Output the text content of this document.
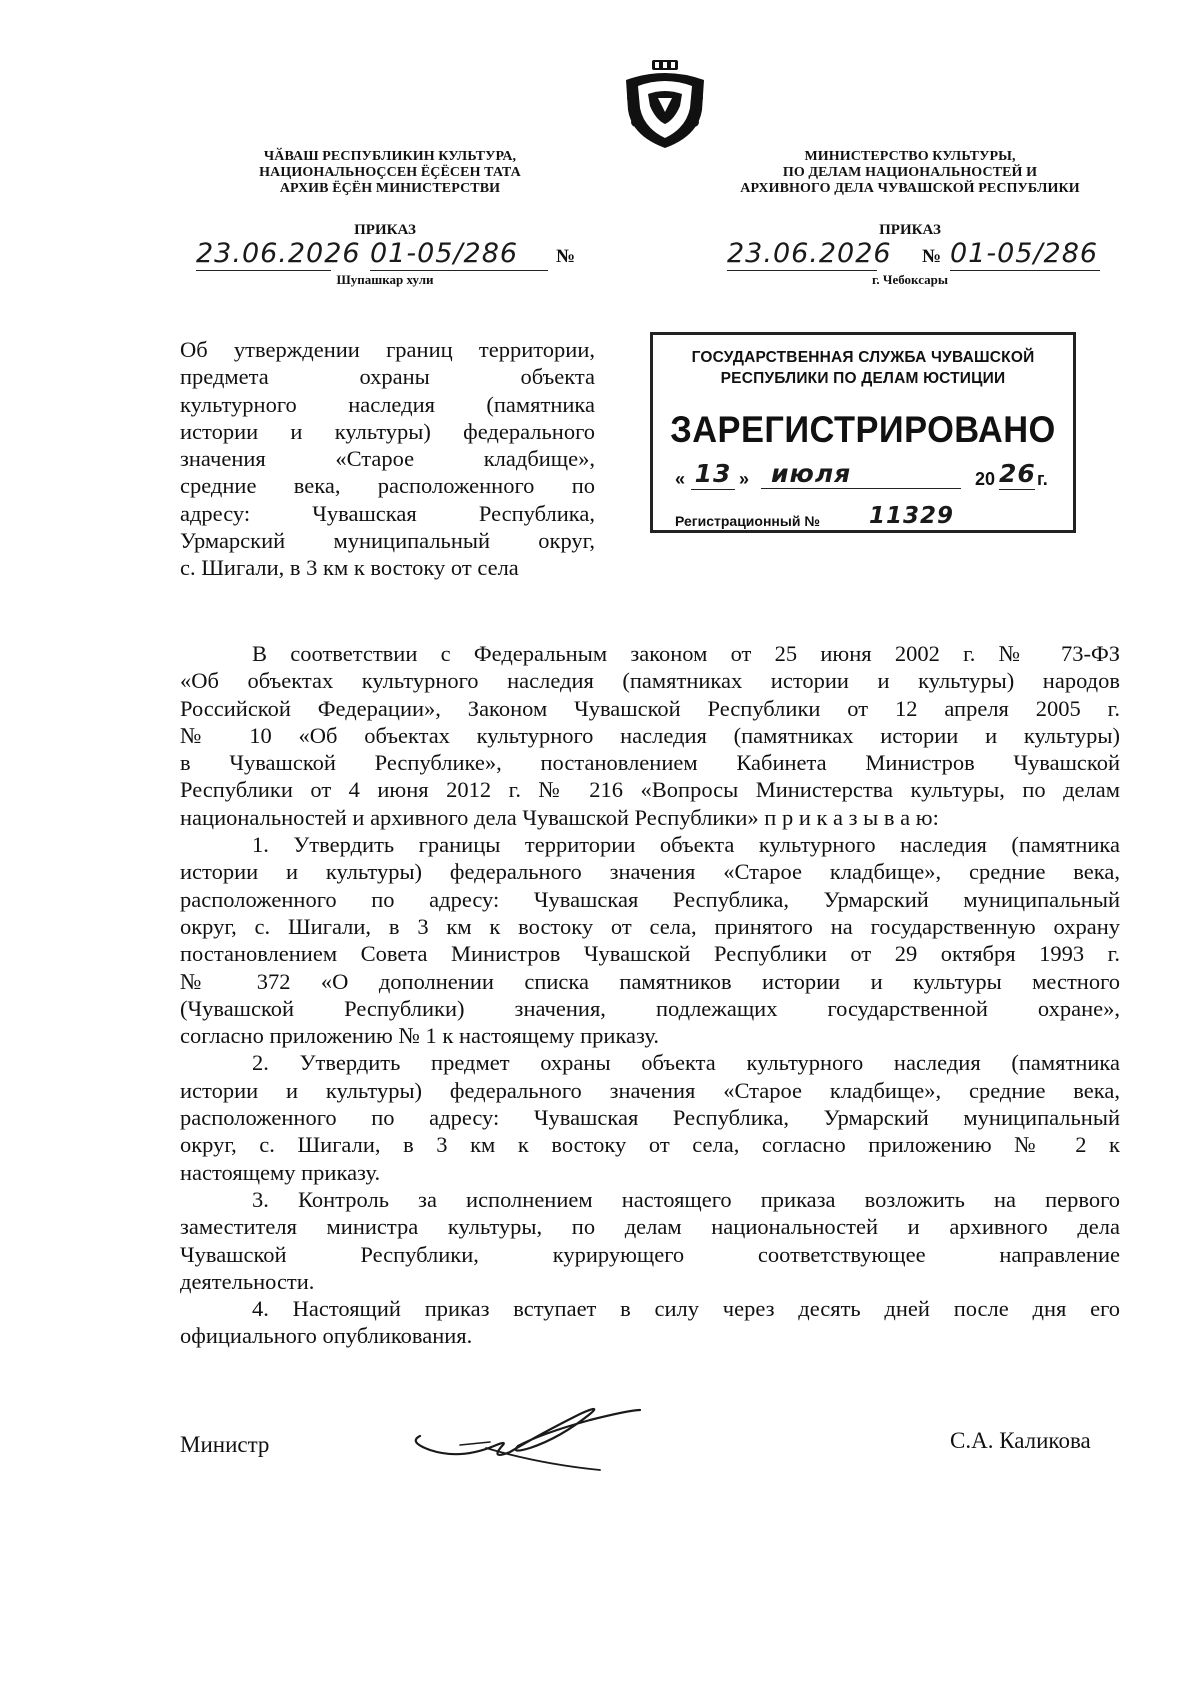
ЧӐВАШ РЕСПУБЛИКИН КУЛЬТУРА,
НАЦИОНАЛЬНОҪСЕН ЁҪЁСЕН ТАТА
АРХИВ ЁҪЁН МИНИСТЕРСТВИ
МИНИСТЕРСТВО КУЛЬТУРЫ,
ПО ДЕЛАМ НАЦИОНАЛЬНОСТЕЙ И
АРХИВНОГО ДЕЛА ЧУВАШСКОЙ РЕСПУБЛИКИ
ПРИКАЗ	ПРИКАЗ
23.06.2026 01-05/286	№
Шупашкар хули
23.06.2026 № 01-05/286
г. Чебоксары
Об утверждении границ территории,
предмета охраны объекта
культурного наследия (памятника
истории и культуры) федерального
значения «Старое кладбище»,
средние века, расположенного по
адресу: Чувашская Республика,
Урмарский муниципальный округ,
с. Шигали, в 3 км к востоку от села
ГОСУДАРСТВЕННАЯ СЛУЖБА ЧУВАШСКОЙ
РЕСПУБЛИКИ ПО ДЕЛАМ ЮСТИЦИИ
ЗАРЕГИСТРИРОВАНО
« 13 » июля	20 26 г.
Регистрационный №	11329
В соответствии с Федеральным законом от 25 июня 2002 г. № 73-ФЗ
«Об объектах культурного наследия (памятниках истории и культуры) народов
Российской Федерации», Законом Чувашской Республики от 12 апреля 2005 г.
№ 10 «Об объектах культурного наследия (памятниках истории и культуры)
в Чувашской Республике», постановлением Кабинета Министров Чувашской
Республики от 4 июня 2012 г. № 216 «Вопросы Министерства культуры, по делам
национальностей и архивного дела Чувашской Республики» п р и к а з ы в а ю:
1. Утвердить границы территории объекта культурного наследия (памятника
истории и культуры) федерального значения «Старое кладбище», средние века,
расположенного по адресу: Чувашская Республика, Урмарский муниципальный
округ, с. Шигали, в 3 км к востоку от села, принятого на государственную охрану
постановлением Совета Министров Чувашской Республики от 29 октября 1993 г.
№ 372 «О дополнении списка памятников истории и культуры местного
(Чувашской Республики) значения, подлежащих государственной охране»,
согласно приложению № 1 к настоящему приказу.
2. Утвердить предмет охраны объекта культурного наследия (памятника
истории и культуры) федерального значения «Старое кладбище», средние века,
расположенного по адресу: Чувашская Республика, Урмарский муниципальный
округ, с. Шигали, в 3 км к востоку от села, согласно приложению № 2 к
настоящему приказу.
3. Контроль за исполнением настоящего приказа возложить на первого
заместителя министра культуры, по делам национальностей и архивного дела
Чувашской Республики, курирующего соответствующее направление
деятельности.
4. Настоящий приказ вступает в силу через десять дней после дня его
официального опубликования.
Министр	С.А. Каликова
